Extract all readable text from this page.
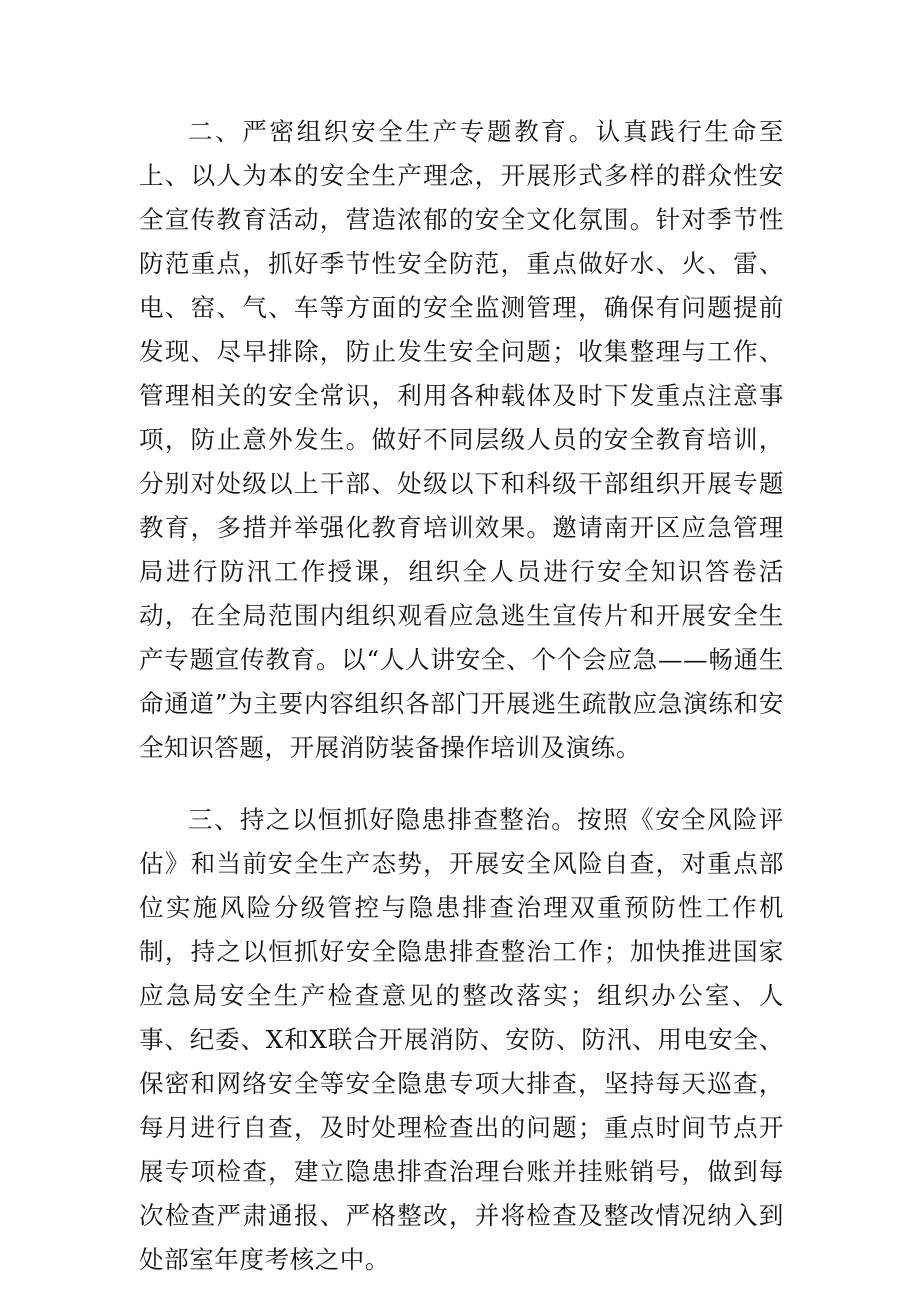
二、严密组织安全生产专题教育。认真践行生命至上、以人为本的安全生产理念，开展形式多样的群众性安全宣传教育活动，营造浓郁的安全文化氛围。针对季节性防范重点，抓好季节性安全防范，重点做好水、火、雷、电、窑、气、车等方面的安全监测管理，确保有问题提前发现、尽早排除，防止发生安全问题；收集整理与工作、管理相关的安全常识，利用各种载体及时下发重点注意事项，防止意外发生。做好不同层级人员的安全教育培训，分别对处级以上干部、处级以下和科级干部组织开展专题教育，多措并举强化教育培训效果。邀请南开区应急管理局进行防汛工作授课，组织全人员进行安全知识答卷活动，在全局范围内组织观看应急逃生宣传片和开展安全生产专题宣传教育。以“人人讲安全、个个会应急——畅通生命通道”为主要内容组织各部门开展逃生疏散应急演练和安全知识答题，开展消防装备操作培训及演练。

三、持之以恒抓好隐患排查整治。按照《安全风险评估》和当前安全生产态势，开展安全风险自查，对重点部位实施风险分级管控与隐患排查治理双重预防性工作机制，持之以恒抓好安全隐患排查整治工作；加快推进国家应急局安全生产检查意见的整改落实；组织办公室、人事、纪委、X和X联合开展消防、安防、防汛、用电安全、保密和网络安全等安全隐患专项大排查，坚持每天巡查，每月进行自查，及时处理检查出的问题；重点时间节点开展专项检查，建立隐患排查治理台账并挂账销号，做到每次检查严肃通报、严格整改，并将检查及整改情况纳入到处部室年度考核之中。
